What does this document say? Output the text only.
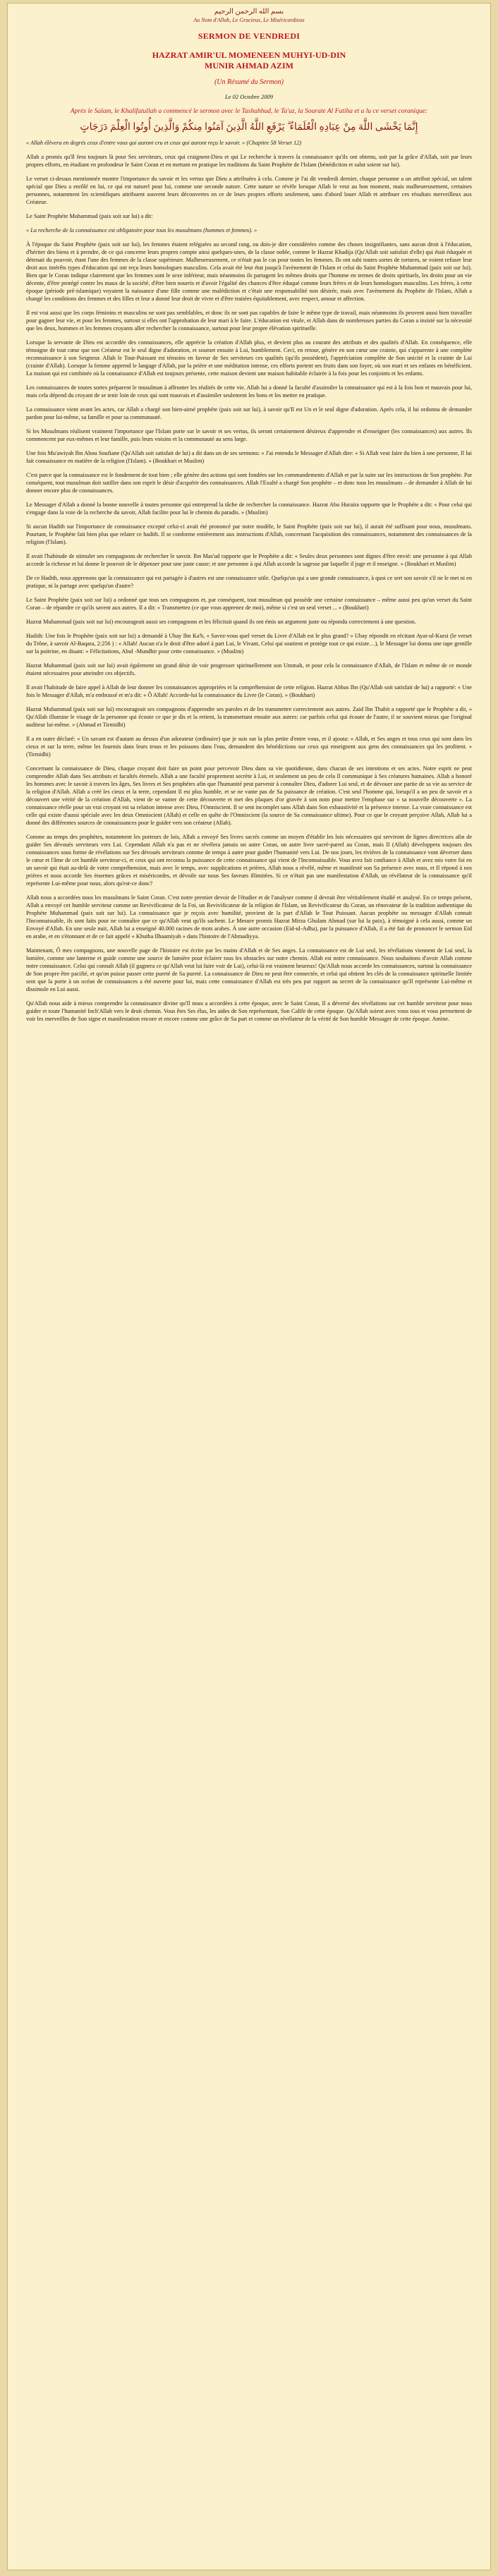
بسم الله الرحمن الرحيم
Au Nom d'Allah, Le Gracieux, Le Miséricordieux
SERMON DE VENDREDI
HAZRAT AMIR'UL MOMENEEN MUHYI-UD-DIN
MUNIR AHMAD AZIM
(Un Résumé du Sermon)
Le 02 Octobre 2009
Après le Salam, le Khalifatullah a commencé le sermon avec le Tashahhud, le Ta'uz, la Sourate Al Fatiha et a lu ce verset coranique:
إِنَّمَا يَخْشَى اللَّهَ مِنْ عِبَادِهِ الْعُلَمَاءُ ۗ يَرْفَعِ اللَّهُ الَّذِينَ آمَنُوا مِنكُمْ وَالَّذِينَ أُوتُوا الْعِلْمَ دَرَجَاتٍ

« Allah élèvera en degrés ceux d'entre vous qui auront cru et ceux qui auront reçu le savoir. » (Chapitre 58 Verset 12)

Allah a promis qu'Il fera toujours là pour Ses serviteurs, ceux qui craignent-Dieu et qui Le recherche à travers la connaissance qu'ils ont obtenu, soit par la grâce d'Allah, soit par leurs propres efforts, en étudiant en profondeur le Saint Coran et en mettant en pratique les traditions du Saint Prophète de l'Islam (bénédiction et salut soient sur lui).

Le verset ci-dessus mentionnée montre l'importance du savoir et les vertus que Dieu a attribuées à cela. Comme je l'ai dit vendredi dernier, chaque personne a un attribut spécial, un talent spécial que Dieu a enrôlé en lui, ce qui est naturel pour lui, comme une seconde nature. Cette nature se révèle lorsque Allah le veut au bon moment, mais malheureusement, certaines personnes, notamment les scientifiques attribuent souvent leurs découvertes en ce de leurs propres efforts seulement, sans d'abord louer Allah et attribuer ces résultats merveilleux aux Créateur.

Le Saint Prophète Muhammad (paix soit sur lui) a dit:

« La recherche de la connaissance est obligatoire pour tous les musulmans (hommes et femmes). »

À l'époque du Saint Prophète (paix soit sur lui), les femmes étaient reléguées au second rang, ou dois-je dire considérées comme des choses insignifiantes, sans aucun droit à l'éducation, d'hériter des biens et à prendre, de ce qui concerne leurs propres compte ainsi quelques-unes, de la classe noble, comme le Hazrat Khadija (Qu'Allah soit satisfait d'elle) qui était éduquée et détenait du pouvoir, étant l'une des femmes de la classe supérieure. Malheureusement, ce n'était pas le cas pour toutes les femmes. Ils ont subi toutes sortes de tortures, se voient refuser leur droit aux intérêts types d'éducation qui ont reçu leurs homologues masculins. Cela avait été leur état jusqu'à l'avènement de l'Islam et celui du Saint Prophète Muhammad (paix soit sur lui). Bien que le Coran indique clairement que les femmes sont le sexe inférieur, mais néanmoins ils partagent les mêmes droits que l'homme en termes de droits spirituels, les droits pour un vie décente, d'être protégé contre les maux de la société, d'être bien nourris et d'avoir l'égalité des chances d'être éduqué comme leurs frères et de leurs homologues masculins. Les frères, à cette époque (période pré-islamique) voyaient la naissance d'une fille comme une malédiction et c'était une responsabilité non désirée, mais avec l'avènement du Prophète de l'Islam, Allah a changé les conditions des femmes et des filles et leur a donné leur droit de vivre et d'être traitées équitablement, avec respect, amour et affection.

Il est vrai aussi que les corps féminins et masculins ne sont pas semblables, et donc ils ne sont pas capables de faire le même type de travail, mais néanmoins ils peuvent aussi bien travailler pour gagner leur vie, et pour les femmes, surtout si elles ont l'approbation de leur mari à le faire. L'éducation est vitale, et Allah dans de nombreuses parties du Coran a insisté sur la nécessité que les deux, hommes et les femmes croyants aller rechercher la connaissance, surtout pour leur propre élévation spirituelle.

Lorsque la servante de Dieu est accordée des connaissances, elle apprécie la création d'Allah plus, et devient plus au courant des attributs et des qualités d'Allah. En conséquence, elle témoigne de tout cœur que son Créateur est le seul digne d'adoration, et soumet ensuite à Lui, humblement. Ceci, en retour, génère en son cœur une crainte, qui s'apparente à une complète reconnaissance à son Seigneur. Allah le Tout-Puissant est témoins en faveur de Ses serviteurs ces qualités (qu'ils possèdent), l'appréciation complète de Son unicité et la crainte de Lui (crainte d'Allah). Lorsque la femme apprend le langage d'Allah, par la prière et une méditation intense, ces efforts portent ses fruits dans son foyer, où son mari et ses enfants en bénéficient. La maison qui est combinée où la connaissance d'Allah est toujours présente, cette maison devient une maison habitable éclairée à la fois pour les conjoints et les enfants.

Les connaissances de toutes sortes préparent le musulman à affronter les réalités de cette vie. Allah lui a donné la faculté d'assimiler la connaissance qui est à la fois bon et mauvais pour lui, mais cela dépend du croyant de se tenir loin de ceux qui sont mauvais et d'assimiler seulement les bons et les mettre en pratique.

La connaissance vient avant les actes, car Allah a chargé son bien-aimé prophète (paix soit sur lui), à savoir qu'Il est Un et le seul digne d'adoration. Après cela, il lui ordonna de demander pardon pour lui-même, sa famille et pour sa communauté.

Si les Musulmans réalisent vraiment l'importance que l'Islam porte sur le savoir et ses vertus, ils seront certainement désireux d'apprendre et d'enseigner (les connaissances) aux autres. Ils commencent par eux-mêmes et leur famille, puis leurs voisins et la communauté au sens large.

Une fois Mu'awiyah Ibn Abou Soufiane (Qu'Allah soit satisfait de lui) a dit dans un de ses sermons: « J'ai entendu le Messager d'Allah dire: « Si Allah veut faire du bien à une personne, Il lui fait connaissance en matière de la religion (l'Islam). » (Boukhari et Muslim)

C'est parce que la connaissance est le fondement de tout bien ; elle génère des actions qui sont fondées sur les commandements d'Allah et par la suite sur les instructions de Son prophète. Par conséquent, tout musulman doit sutiller dans son esprit le désir d'acquérir des connaissances. Allah l'Exalté a chargé Son prophète – et donc tous les musulmans – de demander à Allah de lui donner encore plus de connaissances.

Le Messager d'Allah a donné la bonne nouvelle à toutes personne qui entreprend la tâche de rechercher la connaissance. Hazrat Abu Huraira rapporte que le Prophète a dit: « Pour celui qui s'engage dans la voie de la recherche du savoir, Allah facilite pour lui le chemin du paradis. » (Muslim)

Si aucun Hadith sur l'importance de connaissance excepté celui-ci avait été prononcé par notre modèle, le Saint Prophète (paix soit sur lui), il aurait été suffisant pour nous, musulmans. Pourtant, le Prophète fait bien plus que relater ce hadith. Il se conforme entièrement aux instructions d'Allah, concernant l'acquisition des connaissances, notamment des connaissances de la religion (l'Islam).

Il avait l'habitude de stimuler ses compagnons de rechercher le savoir. Ibn Mas'ud rapporte que le Prophète a dit: « Seules deux personnes sont dignes d'être envié: une personne à qui Allah accorde la richesse et lui donne le pouvoir de le dépenser pour une juste cause; et une personne à qui Allah accorde la sagesse par laquelle il juge et il enseigne. » (Boukhari et Muslim)

De ce Hadith, nous apprenons que la connaissance qui est partagée à d'autres est une connaissance utile. Quelqu'un qui a une grande connaissance, à quoi ce sert son savoir s'il ne le met ni en pratique, ni la partage avec quelqu'un d'autre?

Le Saint Prophète (paix soit sur lui) a ordonné que tous ses compagnons et, par conséquent, tout musulman qui possède une certaine connaissance – même aussi peu qu'un verset du Saint Coran – de répandre ce qu'ils savent aux autres. Il a dit: « Transmettez (ce que vous apprenez de moi), même si c'est un seul verset ... » (Boukhari)

Hazrat Muhammad (paix soit sur lui) encourageait aussi ses compagnons et les félicitait quand ils ont émis un argument juste ou répondu correctement à une question.

Hadith: Une fois le Prophète (paix soit sur lui) a demandé à Ubay Ibn Ka'b, « Savez-vous quel verset du Livre d'Allah est le plus grand? » Ubay répondit en récitant Ayat-ul-Kursi (le verset du Trône, à savoir Al-Baqara, 2:256 ) : « Allah! Aucun n'a le droit d'être adoré à part Lui, le Vivant, Celui qui soutient et protège tout ce qui existe…), le Messager lui donna une tape gentille sur la poitrine, en disant: « Félicitations, Abul -Mundhir pour cette connaissance. » (Muslim)

Hazrat Muhammad (paix soit sur lui) avait également un grand désir de voir progresser spirituellement son Ummah, et pour cela la connaissance d'Allah, de l'Islam et même de ce monde étaient nécessaires pour atteindre ces objectifs.

Il avait l'habitude de faire appel à Allah de leur donner les connaissances appropriées et la compréhension de cette religion. Hazrat Abbas Ibn (Qu'Allah soit satisfait de lui) a rapporté: « Une fois le Messager d'Allah, m'a embrassé et m'a dit: « Ô Allah! Accorde-lui la connaissance du Livre (le Coran). » (Boukhari)

Hazrat Muhammad (paix soit sur lui) encourageait ses compagnons d'apprendre ses paroles et de les transmettre correctement aux autres. Zaid Ibn Thabit a rapporté que le Prophète a dit, « Qu'Allah illumine le visage de la personne qui écoute ce que je dis et la retient, la transmettant ensuite aux autres: car parfois celui qui écoute de l'autre, il se souvient mieux que l'original auditeur lui-même. » (Ahmad et Tirmidhi)

Il a en outre déclaré: « Un savant est d'autant au dessus d'un adorateur (ordinaire) que je suis sur la plus petite d'entre vous, et il ajouta: « Allah, et Ses anges et tous ceux qui sont dans les cieux et sur la terre, même les fourmis dans leurs trous et les poissons dans l'eau, demandent des bénédictions sur ceux qui enseignent aux gens des connaissances qui les profitent. » (Tirmidhi)

Concernant la connaissance de Dieu, chaque croyant doit faire un point pour percevoir Dieu dans sa vie quotidienne, dans chacun de ses intentions et ses actes. Notre esprit ne peut comprendre Allah dans Ses attributs et facultés éternels. Allah a une faculté proprement secrète à Lui, et seulement un peu de cela Il communique à Ses créatures humaines. Allah a honoré les hommes avec le savoir à travers les âges, Ses livres et Ses prophètes afin que l'humanité peut parvenir à connaître Dieu, d'adorer Lui seul, et de dévouer une partie de sa vie au service de la religion d'Allah. Allah a créé les cieux et la terre, cependant Il est plus humble, et se ne vante pas de Sa puissance de création. C'est seul l'homme qui, lorsqu'il a un peu de savoir et a découvert une vérité de la création d'Allah, vient de se vanter de cette découverte et met des plaques d'or gravée à son nom pour mettre l'emphase sur « sa nouvelle découverte ». La connaissance réelle pour un vrai croyant est sa relation intense avec Dieu, l'Omniscient. Il se sent incomplet sans Allah dans Son exhaustivité et la présence intense. La vraie connaissance est celle qui existe d'aussi spéciale avec les deux Omniscient (Allah) et celle en quête de l'Omniscient (la source de Sa connaissance ultime). Pour ce que le croyant perçoive Allah, Allah lui a donné des différentes sources de connaissances pour le guider vers son créateur (Allah).

Comme au temps des prophètes, notamment les porteurs de lois, Allah a envoyé Ses livres sacrés comme un moyen d'établir les lois nécessaires qui serviront de lignes directrices afin de guider Ses dévoués serviteurs vers Lui. Cependant Allah n'a pas et ne révélera jamais un autre Coran, un autre livre sacré-parrel au Coran, mais Il (Allah) développera toujours des connaissances sous forme de révélations sur Ses dévoués serviteurs comme de temps à autre pour guider l'humanité vers Lui. De nos jours, les rivières de la connaissance vont déverser dans le cœur et l'âme de cet humble serviteur-ci, et ceux qui ont reconnu la puissance de cette connaissance qui vient de l'Inconnaissable. Vous avez fait confiance à Allah et avez mis votre foi en un savoir qui était au-delà de votre compréhension, mais avec le temps, avec supplications et prières, Allah nous a révélé, même et manifesté son Sa présence avec nous, et Il répond à nos prières et nous accorde Ses énormes grâces et miséricordes, et dévoile sur nous Ses faveurs illimitées. Si ce n'était pas une manifestation d'Allah, un révélateur de la connaissance qu'il représente Lui-même pour nous, alors qu'est-ce donc?

Allah nous a accordées nous les musulmans le Saint Coran. C'est notre premier devoir de l'étudier et de l'analyser comme il devrait être véritablement étudié et analysé. En ce temps présent, Allah a envoyé cet humble serviteur comme un Revivificateur de la Foi, un Revivificateur de la religion de l'Islam, un Revivificateur du Coran, un rénovateur de la tradition authentique du Prophète Muhammad (paix soit sur lui). La connaissance que je reçois avec humilité, provient de la part d'Allah le Tout Puissant. Aucun prophète ou messager d'Allah connait l'Inconnaissable, ils sont faits pour ne connaître que ce qu'Allah veut qu'ils sachent. Le Mesure promis Hazrat Mirza Ghulam Ahmad (sur lui la paix), à témoigné à cela aussi, comme un Envoyé d'Allah. En une seule nuit, Allah lui a enseigné 40.000 racines de mots arabes. À une autre occasion (Eid-ul-Adha), par la puissance d'Allah, il a été fait de prononcer le sermon Eid en arabe, et en s'étonnant et de ce fait appelé « Khutba Ilhaamiyah » dans l'histoire de l'Ahmadiyya.

Maintenant, Ô mes compagnons, une nouvelle page de l'histoire est écrite par les mains d'Allah et de Ses anges. La connaissance est de Lui seul, les révélations viennent de Lui seul, la lumière, comme une lanterne et guide comme une source de lumière pour éclairer tous les obstacles sur notre chemin. Allah est notre connaissance. Nous souhaitons d'avoir Allah comme notre connaissance. Celui qui connaît Allah (il gagnera ce qu'Allah veut lui faire voir de Lui), celui-là est vraiment heureux! Qu'Allah nous accorde les connaissances, surtout la connaissance de Son propre être pacifié, et qu'on puisse passer cette pureté de Sa pureté. La connaissance de Dieu ne peut être connectée, et celui qui obtient les clés de la connaissance spirituelle limitée sent que la porte à un océan de connaissances a été ouverte pour lui, mais cette connaissance d'Allah est très peu par rapport au secret de la connaissance qu'Il représente Lui-même et dissimule en Lui aussi.

Qu'Allah nous aide à mieux comprendre la connaissance divine qu'Il nous a accordées à cette époque, avec le Saint Coran, Il a déversé des révélations sur cet humble serviteur pour nous guider et toute l'humanité Inch'Allah vers le droit chemin. Vous êtes Ses élus, les aides de Son représentant, Son Calife de cette époque. Qu'Allah soient avec vous tous et vous permettent de voir les merveilles de Son signe et manifestation encore et encore comme une grâce de Sa part et comme un révélateur de la vérité de Son humble Messager de cette époque. Amine.
